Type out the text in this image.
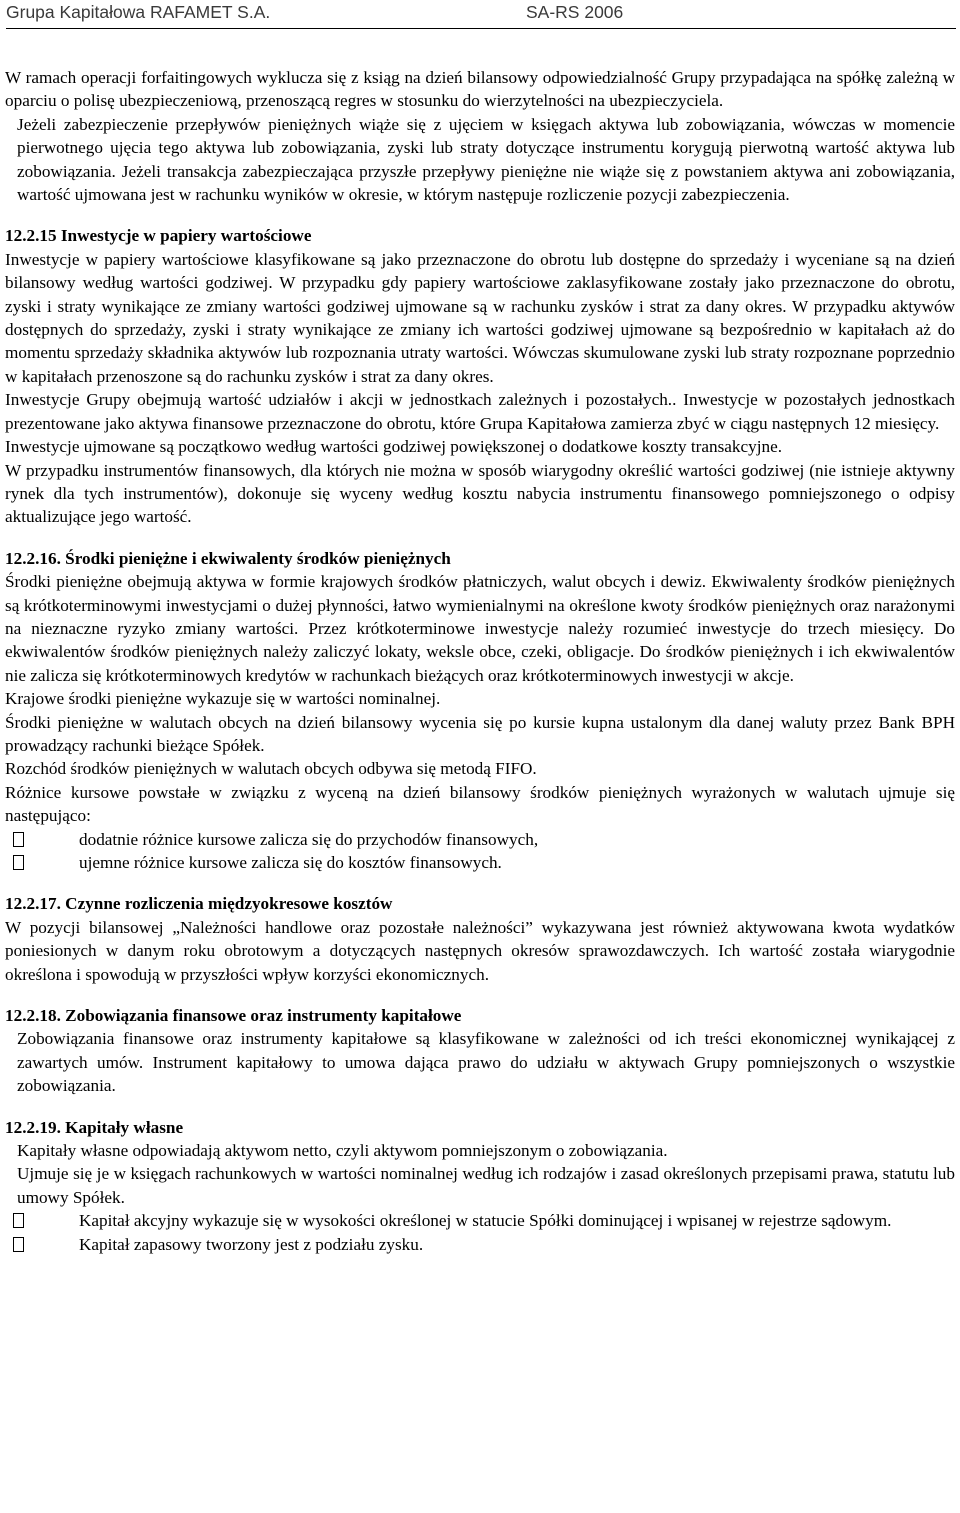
Grupa Kapitałowa RAFAMET S.A.	SA-RS 2006

W ramach operacji forfaitingowych wyklucza się z ksiąg na dzień bilansowy odpowiedzialność Grupy przypadająca na spółkę zależną w oparciu o polisę ubezpieczeniową, przenoszącą regres w stosunku do wierzytelności na ubezpieczyciela.

Jeżeli zabezpieczenie przepływów pieniężnych wiąże się z ujęciem w księgach aktywa lub zobowiązania, wówczas w momencie pierwotnego ujęcia tego aktywa lub zobowiązania, zyski lub straty dotyczące instrumentu korygują pierwotną wartość aktywa lub zobowiązania. Jeżeli transakcja zabezpieczająca przyszłe przepływy pieniężne nie wiąże się z powstaniem aktywa ani zobowiązania, wartość ujmowana jest w rachunku wyników w okresie, w którym następuje rozliczenie pozycji zabezpieczenia.

12.2.15 Inwestycje w papiery wartościowe

Inwestycje w papiery wartościowe klasyfikowane są jako przeznaczone do obrotu lub dostępne do sprzedaży i wyceniane są na dzień bilansowy według wartości godziwej. W przypadku gdy papiery wartościowe zaklasyfikowane zostały jako przeznaczone do obrotu, zyski i straty wynikające ze zmiany wartości godziwej ujmowane są w rachunku zysków i strat za dany okres. W przypadku aktywów dostępnych do sprzedaży, zyski i straty wynikające ze zmiany ich wartości godziwej ujmowane są bezpośrednio w kapitałach aż do momentu sprzedaży składnika aktywów lub rozpoznania utraty wartości. Wówczas skumulowane zyski lub straty rozpoznane poprzednio w kapitałach przenoszone są do rachunku zysków i strat za dany okres.

Inwestycje Grupy obejmują wartość udziałów i akcji w jednostkach zależnych i pozostałych.. Inwestycje w pozostałych jednostkach prezentowane jako aktywa finansowe przeznaczone do obrotu, które Grupa Kapitałowa zamierza zbyć w ciągu następnych 12 miesięcy.

Inwestycje ujmowane są początkowo według wartości godziwej powiększonej o dodatkowe koszty transakcyjne.

W przypadku instrumentów finansowych, dla których nie można w sposób wiarygodny określić wartości godziwej (nie istnieje aktywny rynek dla tych instrumentów), dokonuje się wyceny według kosztu nabycia instrumentu finansowego pomniejszonego o odpisy aktualizujące jego wartość.

12.2.16. Środki pieniężne i ekwiwalenty środków pieniężnych

Środki pieniężne obejmują aktywa w formie krajowych środków płatniczych, walut obcych i dewiz. Ekwiwalenty środków pieniężnych są krótkoterminowymi inwestycjami o dużej płynności, łatwo wymienialnymi na określone kwoty środków pieniężnych oraz narażonymi na nieznaczne ryzyko zmiany wartości. Przez krótkoterminowe inwestycje należy rozumieć inwestycje do trzech miesięcy. Do ekwiwalentów środków pieniężnych należy zaliczyć lokaty, weksle obce, czeki, obligacje. Do środków pieniężnych i ich ekwiwalentów nie zalicza się krótkoterminowych kredytów w rachunkach bieżących oraz krótkoterminowych inwestycji w akcje.

Krajowe środki pieniężne wykazuje się w wartości nominalnej.

Środki pieniężne w walutach obcych na dzień bilansowy wycenia się po kursie kupna ustalonym dla danej waluty przez Bank BPH prowadzący rachunki bieżące Spółek.

Rozchód środków pieniężnych w walutach obcych odbywa się metodą FIFO.

Różnice kursowe powstałe w związku z wyceną na dzień bilansowy środków pieniężnych wyrażonych w walutach ujmuje się następująco:

dodatnie różnice kursowe zalicza się do przychodów finansowych,
ujemne różnice kursowe zalicza się do kosztów finansowych.
12.2.17. Czynne rozliczenia międzyokresowe kosztów

W pozycji bilansowej „Należności handlowe oraz pozostałe należności” wykazywana jest również aktywowana kwota wydatków poniesionych w danym roku obrotowym a dotyczących następnych okresów sprawozdawczych. Ich wartość została wiarygodnie określona i spowodują w przyszłości wpływ korzyści ekonomicznych.

12.2.18. Zobowiązania finansowe oraz instrumenty kapitałowe

Zobowiązania finansowe oraz instrumenty kapitałowe są klasyfikowane w zależności od ich treści ekonomicznej wynikającej z zawartych umów. Instrument kapitałowy to umowa dająca prawo do udziału w aktywach Grupy pomniejszonych o wszystkie zobowiązania.

12.2.19. Kapitały własne

Kapitały własne odpowiadają aktywom netto, czyli aktywom pomniejszonym o zobowiązania.

Ujmuje się je w księgach rachunkowych w wartości nominalnej według ich rodzajów i zasad określonych przepisami prawa, statutu lub umowy Spółek.

Kapitał akcyjny wykazuje się w wysokości określonej w statucie Spółki dominującej i wpisanej w rejestrze sądowym.
Kapitał zapasowy tworzony jest z podziału zysku.
